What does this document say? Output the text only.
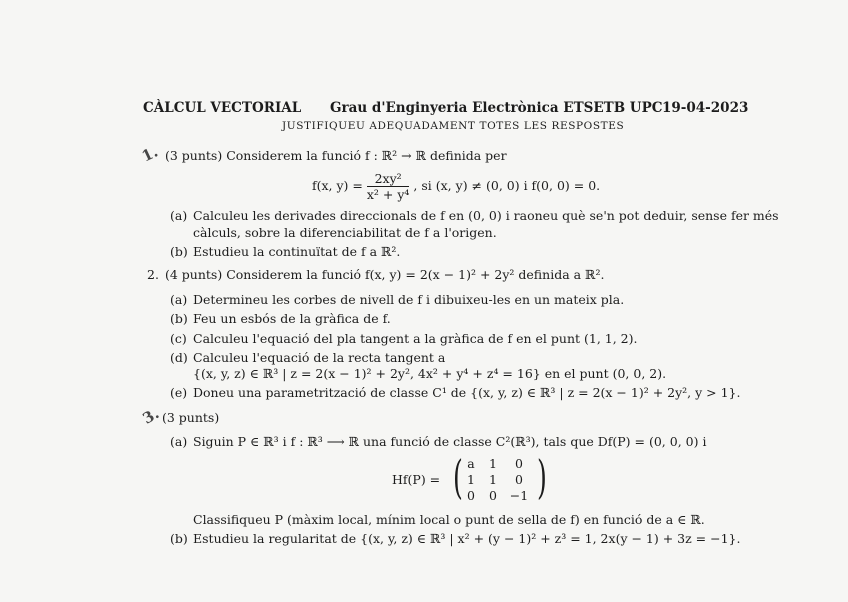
CÀLCUL VECTORIAL Grau d'Enginyeria Electrònica ETSETB UPC 19-04-2023
JUSTIFIQUEU ADEQUADAMENT TOTES LES RESPOSTES
1. (3 punts) Considerem la funció f : ℝ² → ℝ definida per
f(x, $y) = \frac{\text{2xy²}}{\text{x² + y⁴}}$ , si (x, y) ≠ (0, 0) i f(0, 0) = 0.
(a) Calculeu les derivades direccionals de f en (0, 0) i raoneu què se'n pot deduir, sense fer més
càlculs, sobre la diferenciabilitat de f a l'origen.
(b) Estudieu la continuïtat de f a ℝ².
2. (4 punts) Considerem la funció f(x, y) = 2(x − 1)² + 2y² definida a ℝ².
(a) Determineu les corbes de nivell de f i dibuixeu-les en un mateix pla.
(b) Feu un esbós de la gràfica de f.
(c) Calculeu l'equació del pla tangent a la gràfica de f en el punt (1, 1, 2).
(d) Calculeu l'equació de la recta tangent a
{(x, y, z) ∈ ℝ³ | z = 2(x − 1)² + 2y², 4x² + y⁴ + z⁴ = 16} en el punt (0, 0, 2).
(e) Doneu una parametrització de classe C¹ de {(x, y, z) ∈ ℝ³ | z = 2(x − 1)² + 2y², y > 1}.
3. (3 punts)
(a) Siguin P ∈ ℝ³ i f : ℝ³ ⟶ ℝ una funció de classe C²(ℝ³), tals que Df(P) = (0, 0, 0) i
Hf(P) = ( )
a	1	0
1	1	0
0	0	−1
Classifiqueu P (màxim local, mínim local o punt de sella de f) en funció de a ∈ ℝ.
(b) Estudieu la regularitat de {(x, y, z) ∈ ℝ³ | x² + (y − 1)² + z³ = 1, 2x(y − 1) + 3z = −1}.
